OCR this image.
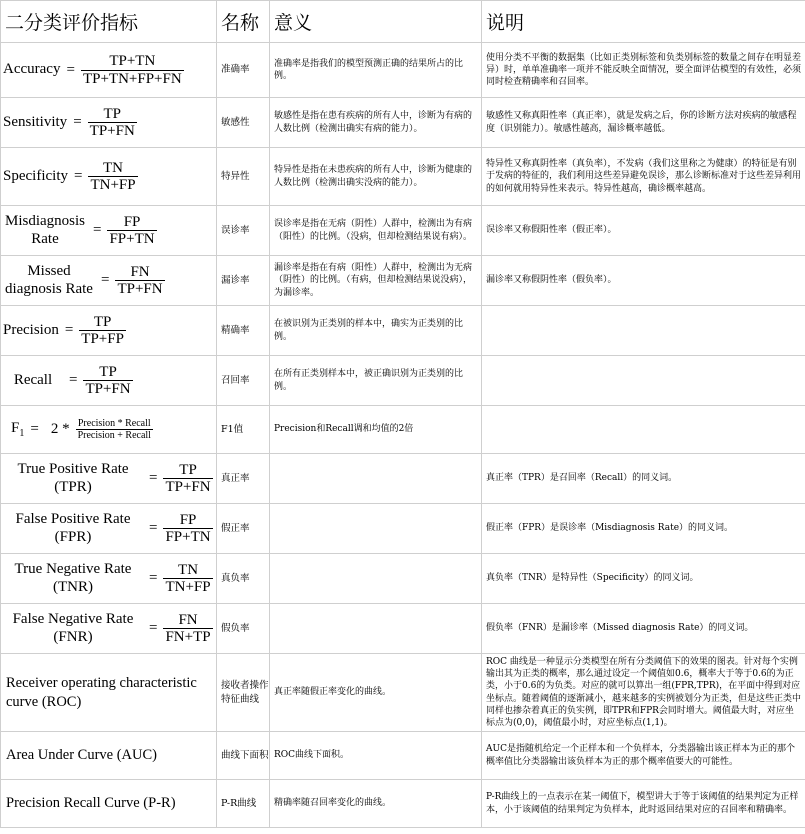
二分类评价指标	名称	意义	说明

Accuracy = $\frac{TP+TN}{TP+TN+FP+FN}$	准确率	准确率是指我们的模型预测正确的结果所占的比例。	使用分类不平衡的数据集（比如正类别标签和负类别标签的数量之间存在明显差异）时，单单准确率一项并不能反映全面情况，要全面评估模型的有效性，必须同时检查精确率和召回率。

Sensitivity = $\frac{TP}{TP+FN}$	敏感性	敏感性是指在患有疾病的所有人中，诊断为有病的人数比例（检测出确实有病的能力）。	敏感性又称真阳性率（真正率），就是发病之后，你的诊断方法对疾病的敏感程度（识别能力）。敏感性越高，漏诊概率越低。

Specificity = $\frac{TN}{TN+FP}$	特异性	特异性是指在未患疾病的所有人中，诊断为健康的人数比例（检测出确实没病的能力）。	特异性又称真阴性率（真负率），不发病（我们这里称之为健康）的特征是有别于发病的特征的，我们利用这些差异避免误诊，那么诊断标准对于这些差异利用的如何就用特异性来表示。特异性越高，确诊概率越高。

Misdiagnosis Rate
= $\frac{FP}{FP+TN}$	误诊率	误诊率是指在无病（阴性）人群中，检测出为有病（阳性）的比例。（没病，但却检测结果说有病）。	误诊率又称假阳性率（假正率）。

Missed diagnosis Rate
= $\frac{FN}{TP+FN}$	漏诊率	漏诊率是指在有病（阳性）人群中，检测出为无病（阴性）的比例。（有病，但却检测结果说没病），为漏诊率。	漏诊率又称假阴性率（假负率）。

Precision = $\frac{TP}{TP+FP}$	精确率	在被识别为正类别的样本中，确实为正类别的比例。	

Recall = $\frac{TP}{TP+FN}$	召回率	在所有正类别样本中，被正确识别为正类别的比例。	

$F_1 = 2 * \frac{\text{Precision * Recall}}{\text{Precision + Recall}}$	F1值	Precision和Recall调和均值的2倍	

True Positive Rate (TPR)
= $\frac{TP}{TP+FN}$	真正率		真正率（TPR）是召回率（Recall）的同义词。

False Positive Rate (FPR)
= $\frac{FP}{FP+TN}$	假正率		假正率（FPR）是误诊率（Misdiagnosis Rate）的同义词。

True Negative Rate (TNR)
= $\frac{TN}{TN+FP}$	真负率		真负率（TNR）是特异性（Specificity）的同义词。

False Negative Rate (FNR)
= $\frac{FN}{FN+TP}$	假负率		假负率（FNR）是漏诊率（Missed diagnosis Rate）的同义词。

Receiver operating characteristic curve (ROC)	接收者操作特征曲线	真正率随假正率变化的曲线。	ROC 曲线是一种显示分类模型在所有分类阈值下的效果的图表。针对每个实例输出其为正类的概率，那么通过设定一个阈值如0.6，概率大于等于0.6的为正类，小于0.6的为负类。对应的就可以算出一组(FPR,TPR)，在平面中得到对应坐标点。随着阈值的逐渐减小，越来越多的实例被划分为正类，但是这些正类中同样也掺杂着真正的负实例，即TPR和FPR会同时增大。阈值最大时，对应坐标点为(0,0)，阈值最小时，对应坐标点(1,1)。

Area Under Curve (AUC)	曲线下面积	ROC曲线下面积。	AUC是指随机给定一个正样本和一个负样本，分类器输出该正样本为正的那个概率值比分类器输出该负样本为正的那个概率值要大的可能性。

Precision Recall Curve (P-R)	P-R曲线	精确率随召回率变化的曲线。	P-R曲线上的一点表示在某一阈值下，模型讲大于等于该阈值的结果判定为正样本，小于该阈值的结果判定为负样本，此时返回结果对应的召回率和精确率。
